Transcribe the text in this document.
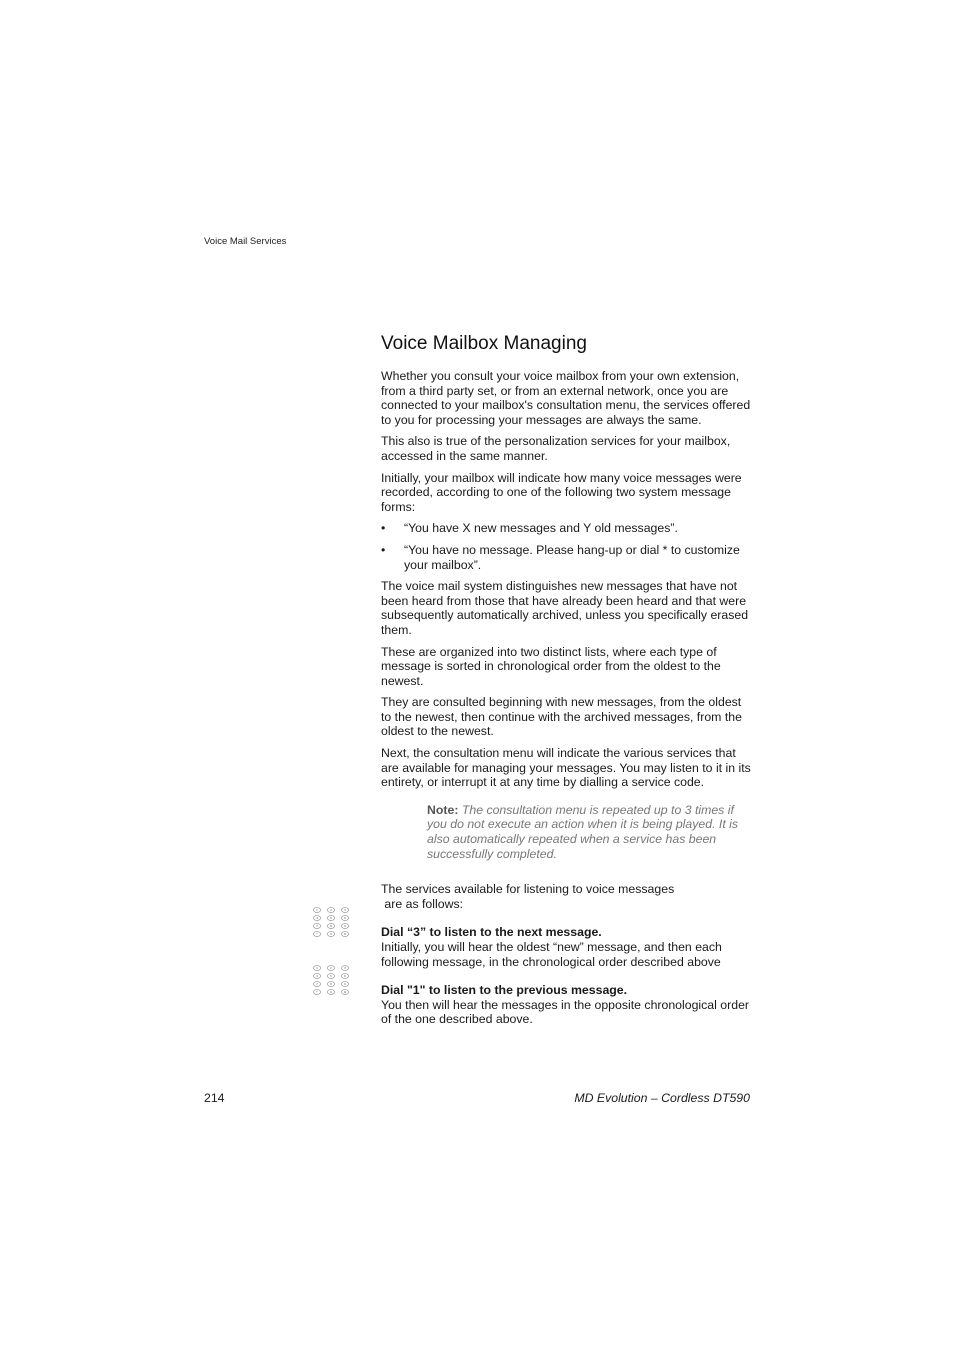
Voice Mail Services
Voice Mailbox Managing

Whether you consult your voice mailbox from your own extension, from a third party set, or from an external network, once you are connected to your mailbox's consultation menu, the services offered to you for processing your messages are always the same.

This also is true of the personalization services for your mailbox, accessed in the same manner.

Initially, your mailbox will indicate how many voice messages were recorded, according to one of the following two system message forms:

• “You have X new messages and Y old messages”.
• “You have no message. Please hang-up or dial * to customize your mailbox”.

The voice mail system distinguishes new messages that have not been heard from those that have already been heard and that were subsequently automatically archived, unless you specifically erased them.

These are organized into two distinct lists, where each type of message is sorted in chronological order from the oldest to the newest.

They are consulted beginning with new messages, from the oldest to the newest, then continue with the archived messages, from the oldest to the newest.

Next, the consultation menu will indicate the various services that are available for managing your messages. You may listen to it in its entirety, or interrupt it at any time by dialling a service code.

Note: The consultation menu is repeated up to 3 times if you do not execute an action when it is being played. It is also automatically repeated when a service has been successfully completed.
The services available for listening to voice messages
are as follows:
1	2	3
4	5	6
7	8	9
*	0	#	Dial “3” to listen to the next message.
Initially, you will hear the oldest “new” message, and then each following message, in the chronological order described above
1	2	3
4	5	6
7	8	9
*	0	#	Dial "1" to listen to the previous message.
You then will hear the messages in the opposite chronological order of the one described above.
214	MD Evolution – Cordless DT590
